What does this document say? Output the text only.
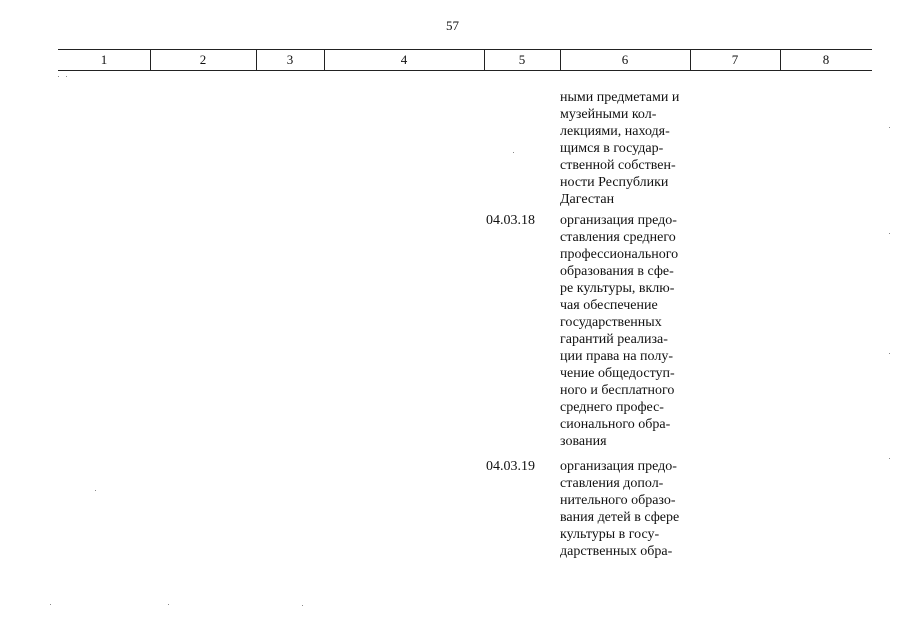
57
1	2	3	4	5	6	7	8
ными предметами и
музейными кол-
лекциями, находя-
щимся в государ-
ственной собствен-
ности Республики
Дагестан
04.03.18	организация предо-
ставления среднего
профессионального
образования в сфе-
ре культуры, вклю-
чая обеспечение
государственных
гарантий реализа-
ции права на полу-
чение общедоступ-
ного и бесплатного
среднего профес-
сионального обра-
зования
04.03.19	организация предо-
ставления допол-
нительного образо-
вания детей в сфере
культуры в госу-
дарственных обра-
